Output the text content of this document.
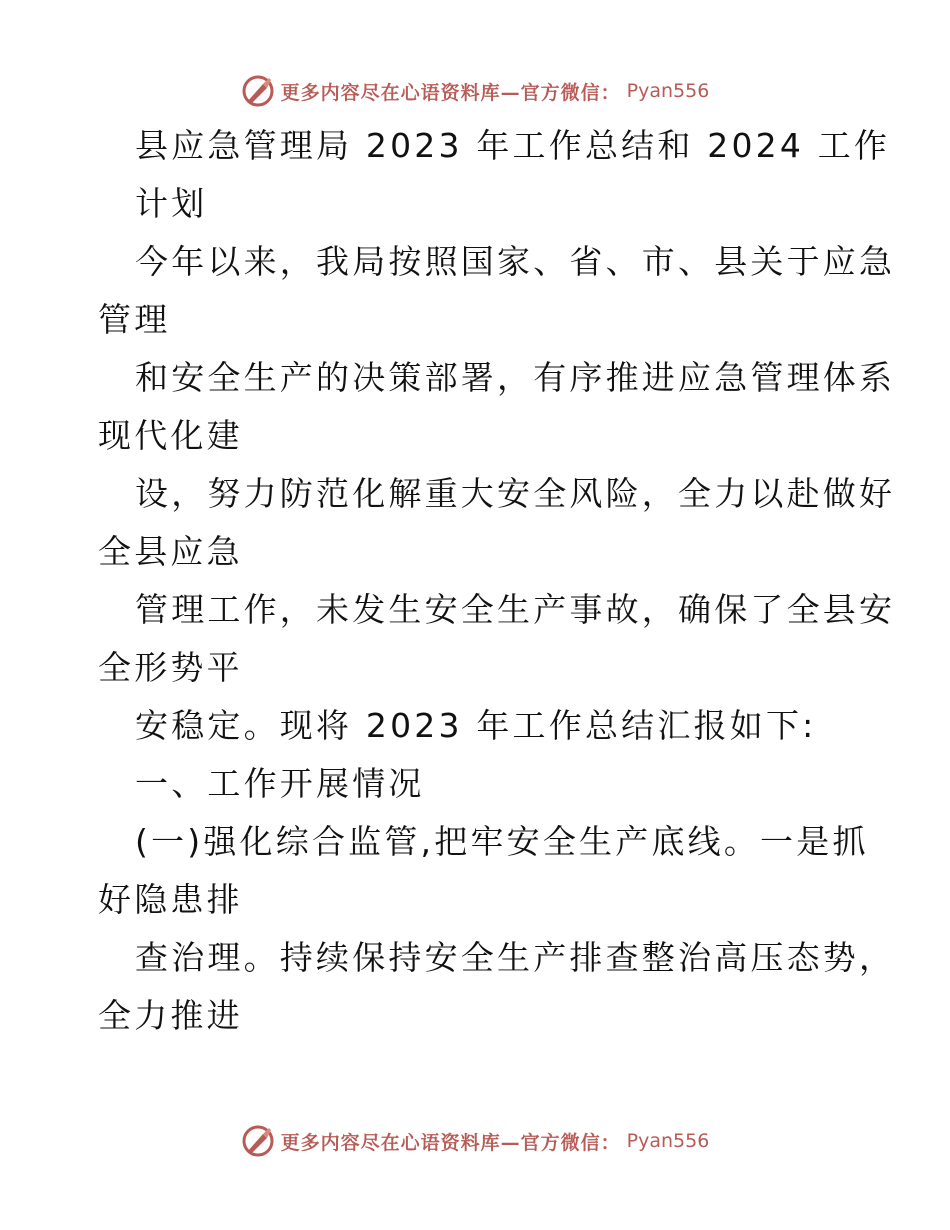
更多内容尽在心语资料库—官方微信： Pyan556
县应急管理局 2023 年工作总结和 2024 工作
计划
今年以来，我局按照国家、省、市、县关于应急
管理
和安全生产的决策部署，有序推进应急管理体系
现代化建
设，努力防范化解重大安全风险，全力以赴做好
全县应急
管理工作，未发生安全生产事故，确保了全县安
全形势平
安稳定。现将 2023 年工作总结汇报如下:
一、工作开展情况
(一)强化综合监管,把牢安全生产底线。一是抓
好隐患排
查治理。持续保持安全生产排查整治高压态势，
全力推进
更多内容尽在心语资料库—官方微信： Pyan556
